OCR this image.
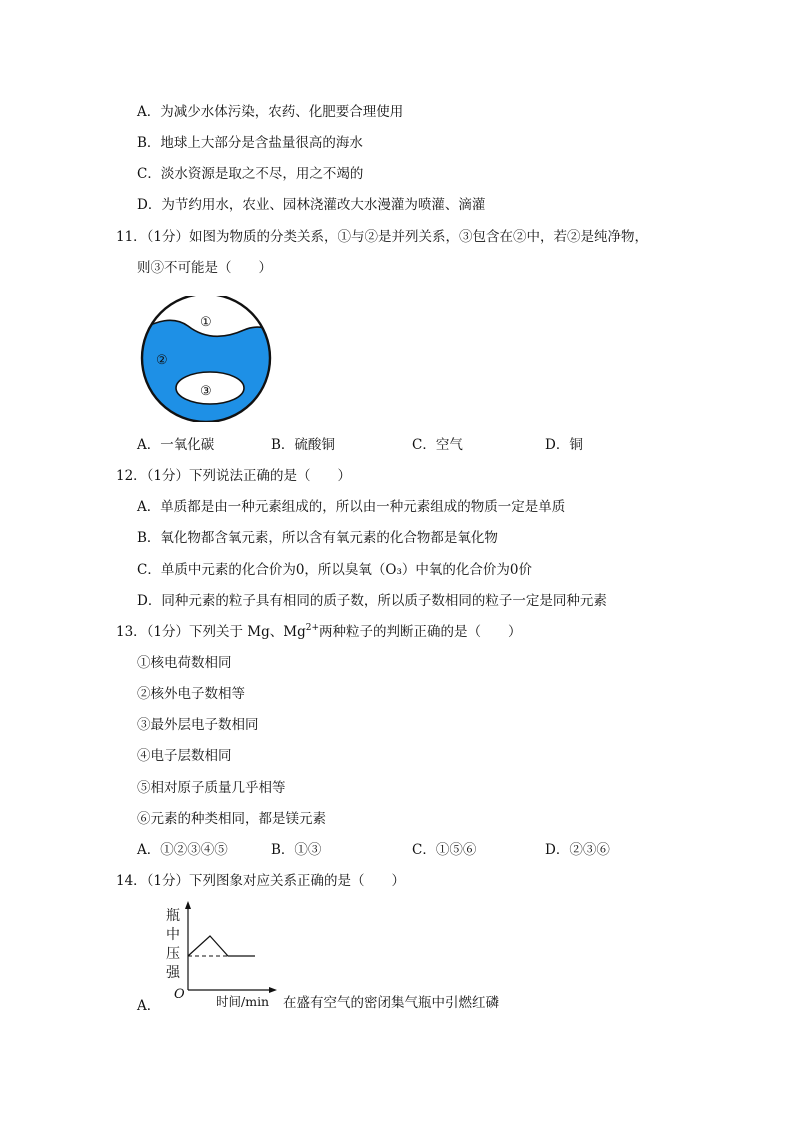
A．为减少水体污染，农药、化肥要合理使用
B．地球上大部分是含盐量很高的海水
C．淡水资源是取之不尽，用之不竭的
D．为节约用水，农业、园林浇灌改大水漫灌为喷灌、滴灌
11．（1分）如图为物质的分类关系，①与②是并列关系，③包含在②中，若②是纯净物，
则③不可能是（　　）
①
②
③
A．一氧化碳	B．硫酸铜	C．空气	D．铜
12．（1分）下列说法正确的是（　　）
A．单质都是由一种元素组成的，所以由一种元素组成的物质一定是单质
B．氧化物都含氧元素，所以含有氧元素的化合物都是氧化物
C．单质中元素的化合价为0，所以臭氧（O₃）中氧的化合价为0价
D．同种元素的粒子具有相同的质子数，所以质子数相同的粒子一定是同种元素
13．（1分）下列关于 Mg、$Mg^{2+}$两种粒子的判断正确的是（　　）
①核电荷数相同
②核外电子数相等
③最外层电子数相同
④电子层数相同
⑤相对原子质量几乎相等
⑥元素的种类相同，都是镁元素
A．①②③④⑤	B．①③	C．①⑤⑥	D．②③⑥
14．（1分）下列图象对应关系正确的是（　　）
A．
瓶
中
压
强
O	时间/min 在盛有空气的密闭集气瓶中引燃红磷
